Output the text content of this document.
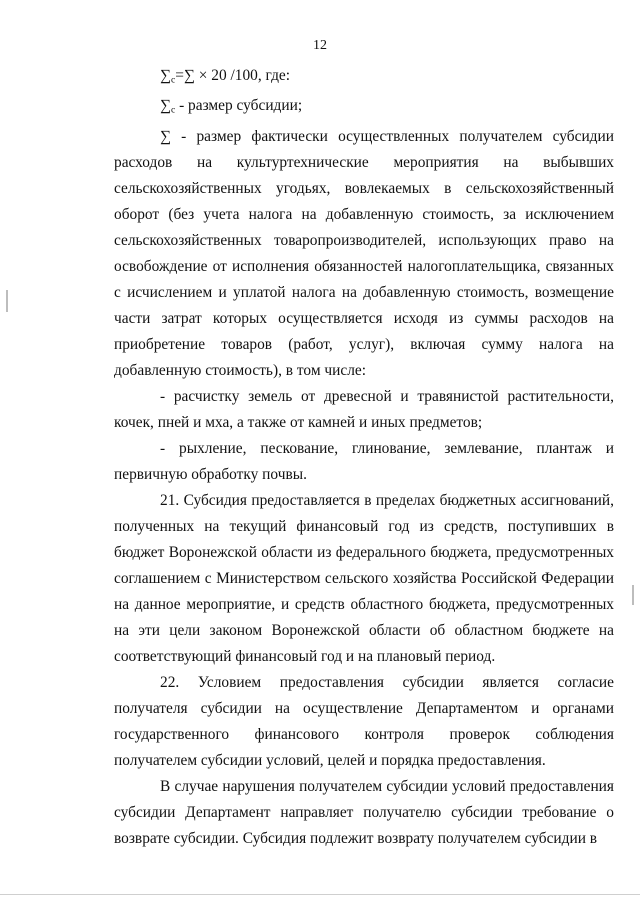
12

$\sum_c=\sum \times 20$ /100, где:

$\sum_c$ - размер субсидии;

∑ - размер фактически осуществленных получателем субсидии расходов на культуртехнические мероприятия на выбывших сельскохозяйственных угодьях, вовлекаемых в сельскохозяйственный оборот (без учета налога на добавленную стоимость, за исключением сельскохозяйственных товаропроизводителей, использующих право на освобождение от исполнения обязанностей налогоплательщика, связанных с исчислением и уплатой налога на добавленную стоимость, возмещение части затрат которых осуществляется исходя из суммы расходов на приобретение товаров (работ, услуг), включая сумму налога на добавленную стоимость), в том числе:

- расчистку земель от древесной и травянистой растительности, кочек, пней и мха, а также от камней и иных предметов;

- рыхление, пескование, глинование, землевание, плантаж и первичную обработку почвы.

21. Субсидия предоставляется в пределах бюджетных ассигнований, полученных на текущий финансовый год из средств, поступивших в бюджет Воронежской области из федерального бюджета, предусмотренных соглашением с Министерством сельского хозяйства Российской Федерации на данное мероприятие, и средств областного бюджета, предусмотренных на эти цели законом Воронежской области об областном бюджете на соответствующий финансовый год и на плановый период.

22. Условием предоставления субсидии является согласие получателя субсидии на осуществление Департаментом и органами государственного финансового контроля проверок соблюдения получателем субсидии условий, целей и порядка предоставления.

В случае нарушения получателем субсидии условий предоставления субсидии Департамент направляет получателю субсидии требование о возврате субсидии. Субсидия подлежит возврату получателем субсидии в
